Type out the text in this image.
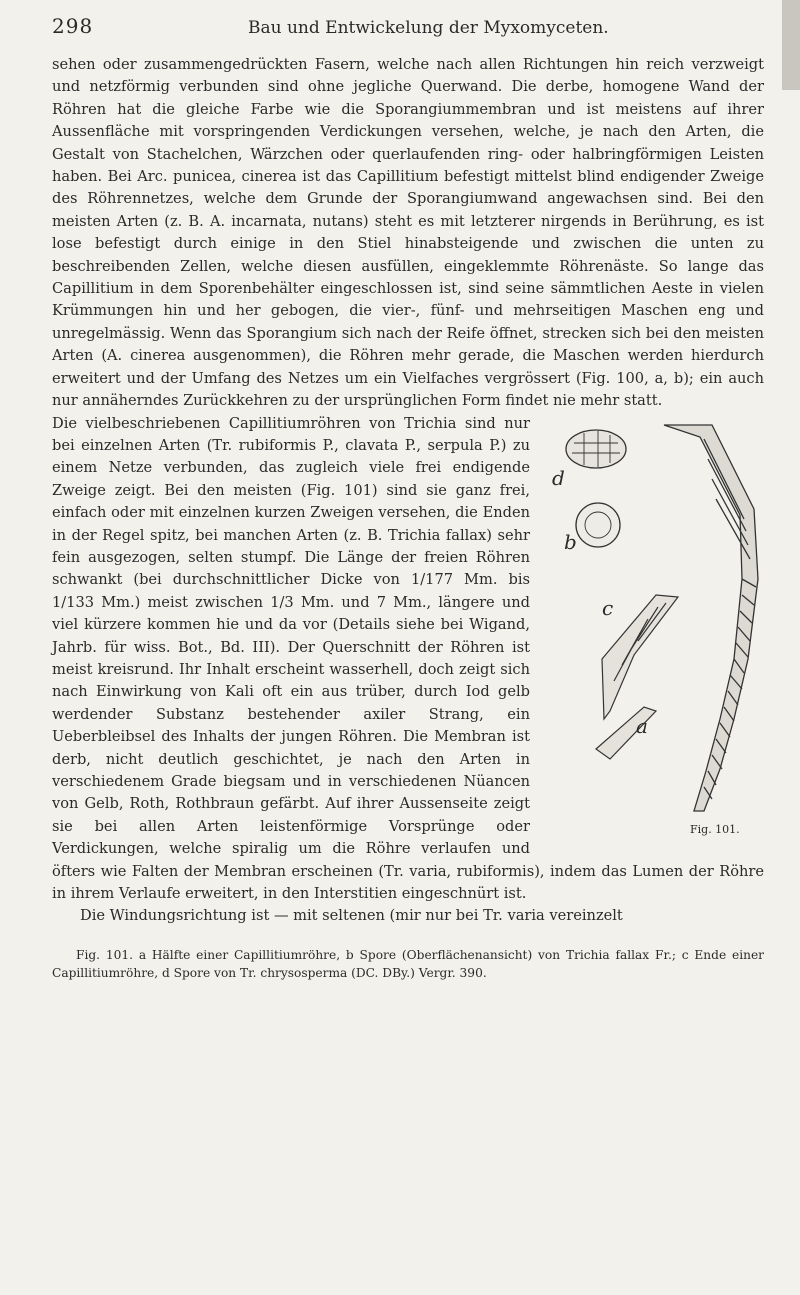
298	Bau und Entwickelung der Myxomyceten.

sehen oder zusammengedrückten Fasern, welche nach allen Richtungen hin reich verzweigt und netzförmig verbunden sind ohne jegliche Querwand. Die derbe, homogene Wand der Röhren hat die gleiche Farbe wie die Sporangiummembran und ist meistens auf ihrer Aussenfläche mit vorspringenden Verdickungen versehen, welche, je nach den Arten, die Gestalt von Stachelchen, Wärzchen oder querlaufenden ring- oder halbringförmigen Leisten haben. Bei Arc. punicea, cinerea ist das Capillitium befestigt mittelst blind endigender Zweige des Röhrennetzes, welche dem Grunde der Sporangiumwand angewachsen sind. Bei den meisten Arten (z. B. A. incarnata, nutans) steht es mit letzterer nirgends in Berührung, es ist lose befestigt durch einige in den Stiel hinabsteigende und zwischen die unten zu beschreibenden Zellen, welche diesen ausfüllen, eingeklemmte Röhrenäste. So lange das Capillitium in dem Sporenbehälter eingeschlossen ist, sind seine sämmtlichen Aeste in vielen Krümmungen hin und her gebogen, die vier-, fünf- und mehrseitigen Maschen eng und unregelmässig. Wenn das Sporangium sich nach der Reife öffnet, strecken sich bei den meisten Arten (A. cinerea ausgenommen), die Röhren mehr gerade, die Maschen werden hierdurch erweitert und der Umfang des Netzes um ein Vielfaches vergrössert (Fig. 100, a, b); ein auch nur annäherndes Zurückkehren zu der ursprünglichen Form findet nie mehr statt.

d
b
c
a
Fig. 101.

Die vielbeschriebenen Capillitiumröhren von Trichia sind nur bei einzelnen Arten (Tr. rubiformis P., clavata P., serpula P.) zu einem Netze verbunden, das zugleich viele frei endigende Zweige zeigt. Bei den meisten (Fig. 101) sind sie ganz frei, einfach oder mit einzelnen kurzen Zweigen versehen, die Enden in der Regel spitz, bei manchen Arten (z. B. Trichia fallax) sehr fein ausgezogen, selten stumpf. Die Länge der freien Röhren schwankt (bei durchschnittlicher Dicke von 1/177 Mm. bis 1/133 Mm.) meist zwischen 1/3 Mm. und 7 Mm., längere und viel kürzere kommen hie und da vor (Details siehe bei Wigand, Jahrb. für wiss. Bot., Bd. III). Der Querschnitt der Röhren ist meist kreisrund. Ihr Inhalt erscheint wasserhell, doch zeigt sich nach Einwirkung von Kali oft ein aus trüber, durch Iod gelb werdender Substanz bestehender axiler Strang, ein Ueberbleibsel des Inhalts der jungen Röhren. Die Membran ist derb, nicht deutlich geschichtet, je nach den Arten in verschiedenem Grade biegsam und in verschiedenen Nüancen von Gelb, Roth, Rothbraun gefärbt. Auf ihrer Aussenseite zeigt sie bei allen Arten leistenförmige Vorsprünge oder Verdickungen, welche spiralig um die Röhre verlaufen und öfters wie Falten der Membran erscheinen (Tr. varia, rubiformis), indem das Lumen der Röhre in ihrem Verlaufe erweitert, in den Interstitien eingeschnürt ist.

Die Windungsrichtung ist — mit seltenen (mir nur bei Tr. varia vereinzelt

Fig. 101. a Hälfte einer Capillitiumröhre, b Spore (Oberflächenansicht) von Trichia fallax Fr.; c Ende einer Capillitiumröhre, d Spore von Tr. chrysosperma (DC. DBy.) Vergr. 390.
